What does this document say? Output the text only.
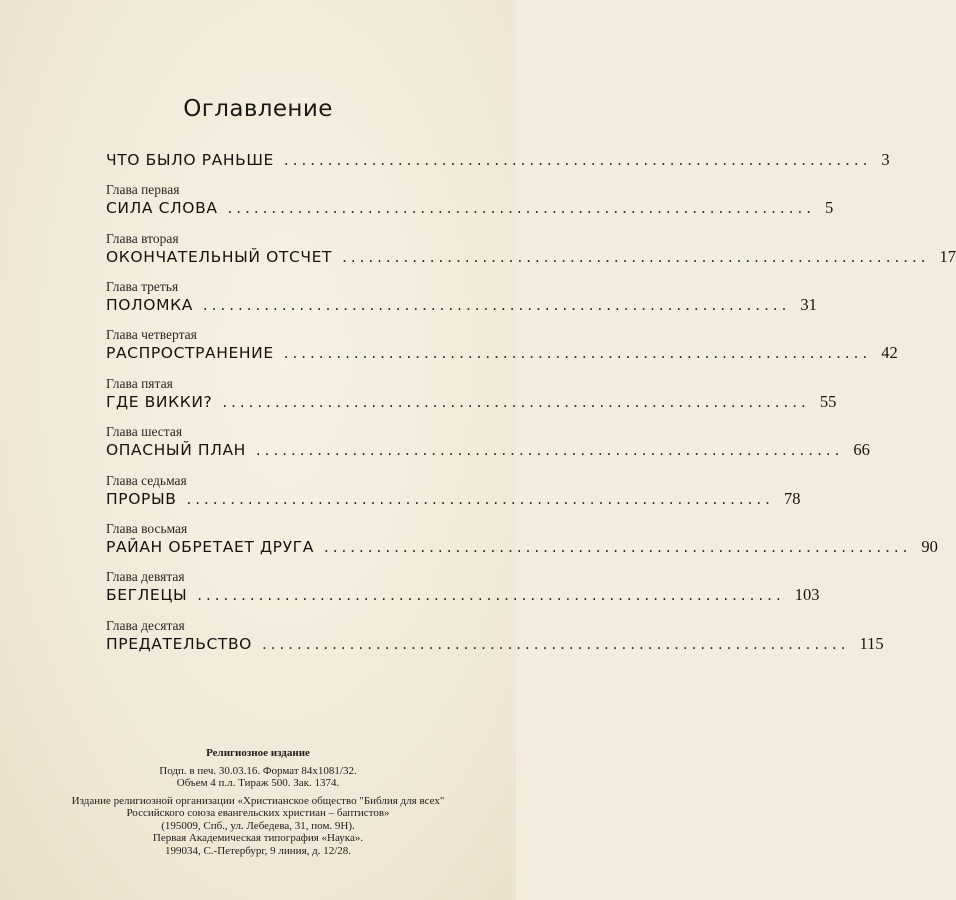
Оглавление
ЧТО БЫЛО РАНЬШЕ ................................................................... 3
Глава первая
СИЛА СЛОВА ................................................................... 5
Глава вторая
ОКОНЧАТЕЛЬНЫЙ ОТСЧЕТ ................................................................... 17
Глава третья
ПОЛОМКА ................................................................... 31
Глава четвертая
РАСПРОСТРАНЕНИЕ ................................................................... 42
Глава пятая
ГДЕ ВИККИ? ................................................................... 55
Глава шестая
ОПАСНЫЙ ПЛАН ................................................................... 66
Глава седьмая
ПРОРЫВ ................................................................... 78
Глава восьмая
РАЙАН ОБРЕТАЕТ ДРУГА ................................................................... 90
Глава девятая
БЕГЛЕЦЫ ................................................................... 103
Глава десятая
ПРЕДАТЕЛЬСТВО ................................................................... 115
Религиозное издание
Подп. в печ. 30.03.16. Формат 84x1081/32.
Объем 4 п.л. Тираж 500. Зак. 1374.
Издание религиозной организации «Христианское общество "Библия для всех"
Российского союза евангельских христиан – баптистов»
(195009, Спб., ул. Лебедева, 31, пом. 9Н).
Первая Академическая типография «Наука».
199034, С.-Петербург, 9 линия, д. 12/28.
